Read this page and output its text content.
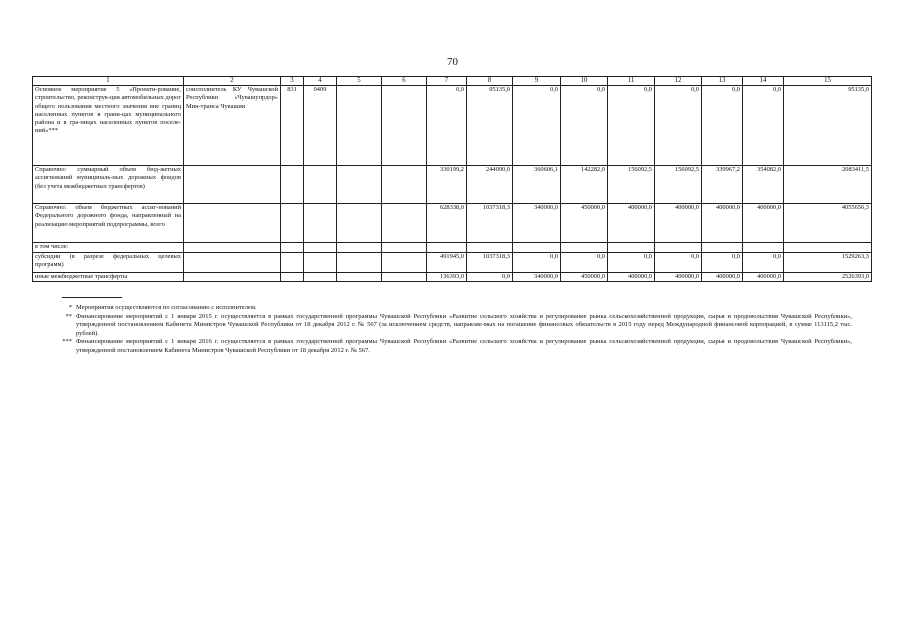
70
1	2	3	4	5	6	7	8	9	10	11	12	13	14	15
Основное мероприятие 5 «Проекти-рование, строительство, реконструк-ция автомобильных дорог общего пользования местного значения вне границ населенных пунктов в грани-цах муниципального района и в гра-ницах населенных пунктов поселе-ний»***	соисполнитель КУ Чувашской Республики «Чувашупрдор» Мин-транса Чувашии	831	0409			0,0	95135,0	0,0	0,0	0,0	0,0	0,0	0,0	95135,0
Справочно: суммарный объем бюд-жетных ассигнований муниципаль-ных дорожных фондов (без учета межбюджетных трансфертов)						330199,2	244090,0	360606,1	142282,0	156092,5	156092,5	339967,2	354082,0	2083411,5
Справочно: объем бюджетных ассиг-нований Федерального дорожного фонда, направленный на реализацию мероприятий подпрограммы, всего						628338,0	1037318,3	340000,0	450000,0	400000,0	400000,0	400000,0	400000,0	4055656,3
в том числе:														
субсидии (в разрезе федеральных целевых программ)						491945,0	1037318,3	0,0	0,0	0,0	0,0	0,0	0,0	1529263,3
иные межбюджетные трансферты						136393,0	0,0	340000,0	450000,0	400000,0	400000,0	400000,0	400000,0	2526393,0
* Мероприятия осуществляются по согласованию с исполнителем.
** Финансирование мероприятий с 1 января 2015 г. осуществляется в рамках государственной программы Чувашской Республики «Развитие сельского хозяйства и регулирование рынка сельскохозяйственной продукции, сырья и продовольствия Чувашской Республики», утвержденной постановлением Кабинета Министров Чувашской Республики от 18 декабря 2012 г. № 567 (за исключением средств, направляе-мых на погашение финансовых обязательств в 2015 году перед Международной финансовой корпорацией, в сумме 113115,2 тыс. рублей).
*** Финансирование мероприятий с 1 января 2016 г. осуществляется в рамках государственной программы Чувашской Республики «Развитие сельского хозяйства и регулирование рынка сельскохозяйственной продукции, сырья и продовольствия Чувашской Республики», утвержденной постановлением Кабинета Министров Чувашской Республики от 18 декабря 2012 г. № 567.
